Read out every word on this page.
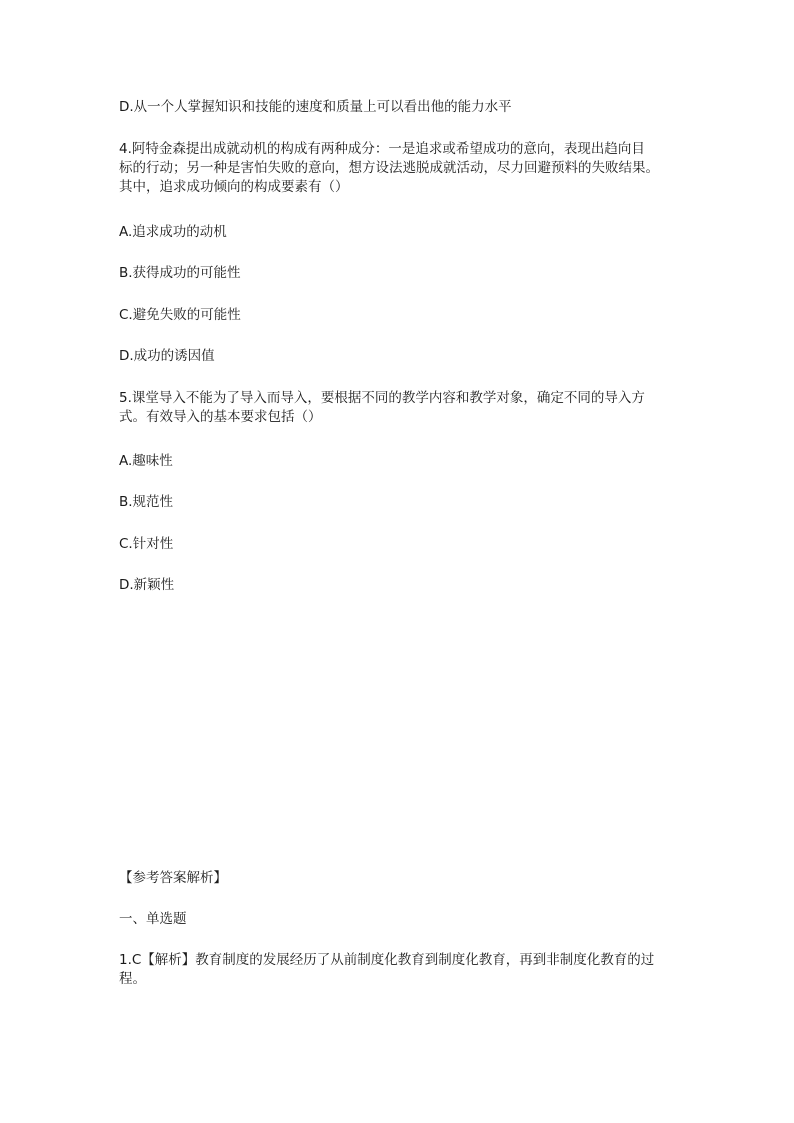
D.从一个人掌握知识和技能的速度和质量上可以看出他的能力水平
4.阿特金森提出成就动机的构成有两种成分：一是追求或希望成功的意向，表现出趋向目
标的行动；另一种是害怕失败的意向，想方设法逃脱成就活动，尽力回避预料的失败结果。
其中，追求成功倾向的构成要素有（）
A.追求成功的动机
B.获得成功的可能性
C.避免失败的可能性
D.成功的诱因值
5.课堂导入不能为了导入而导入，要根据不同的教学内容和教学对象，确定不同的导入方
式。有效导入的基本要求包括（）
A.趣味性
B.规范性
C.针对性
D.新颖性
【参考答案解析】
一、单选题
1.C【解析】教育制度的发展经历了从前制度化教育到制度化教育，再到非制度化教育的过
程。
